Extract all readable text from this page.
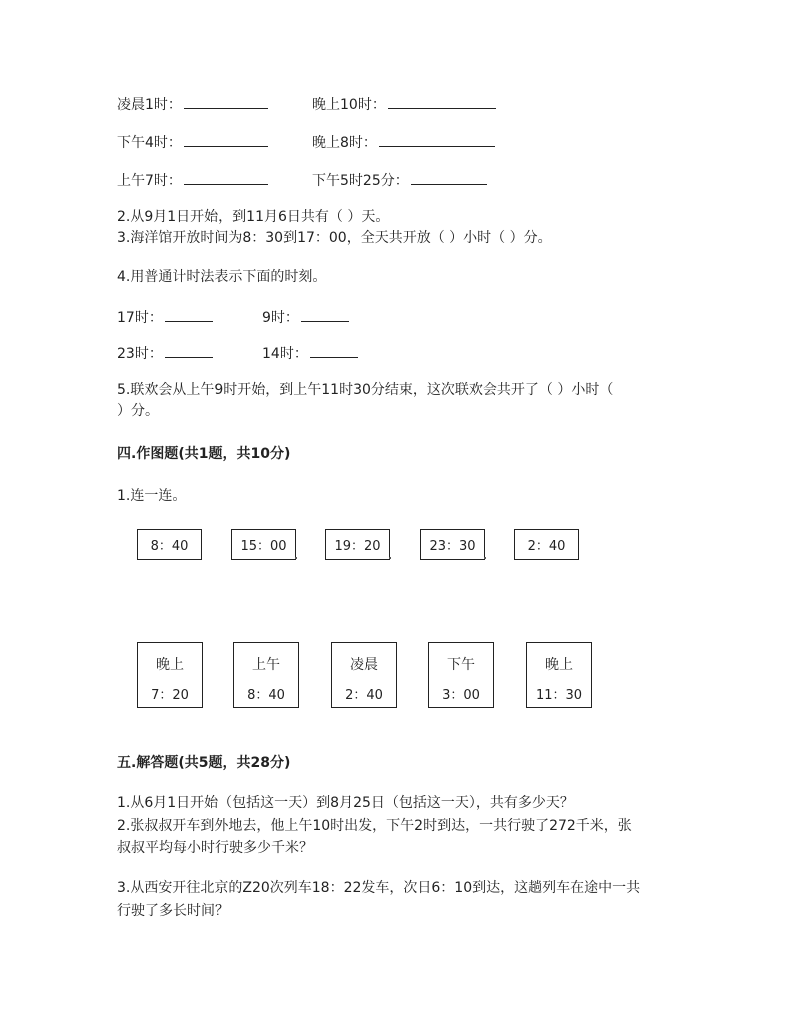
凌晨1时：	晚上10时：
下午4时：	晚上8时：
上午7时：	下午5时25分：
2.从9月1日开始，到11月6日共有（ ）天。
3.海洋馆开放时间为8：30到17：00，全天共开放（ ）小时（ ）分。
4.用普通计时法表示下面的时刻。
17时：	9时：
23时：	14时：
5.联欢会从上午9时开始，到上午11时30分结束，这次联欢会共开了（ ）小时（
）分。
四.作图题(共1题，共10分)
1.连一连。
8：40	15：00	19：20	23：30	2：40
晚上
7：20
上午
8：40
凌晨
2：40
下午
3：00
晚上
11：30
五.解答题(共5题，共28分)
1.从6月1日开始（包括这一天）到8月25日（包括这一天），共有多少天？
2.张叔叔开车到外地去，他上午10时出发，下午2时到达，一共行驶了272千米，张
叔叔平均每小时行驶多少千米？
3.从西安开往北京的Z20次列车18：22发车，次日6：10到达，这趟列车在途中一共
行驶了多长时间？
